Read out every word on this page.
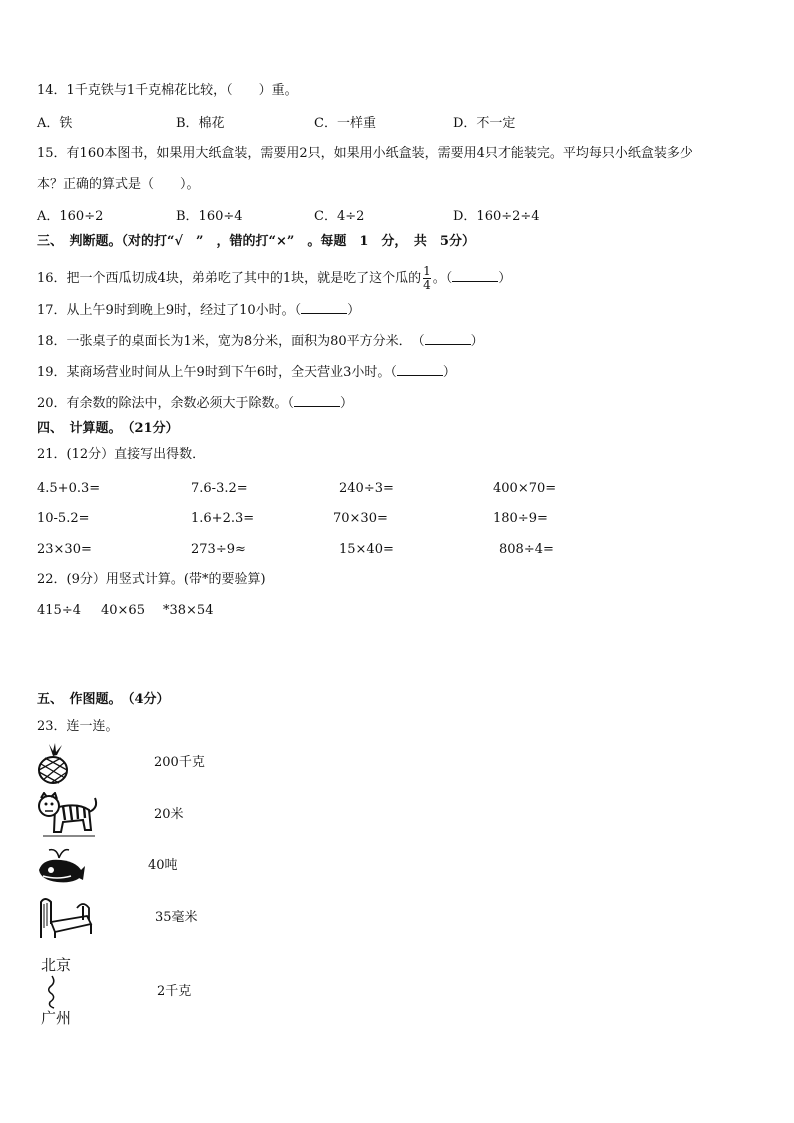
14．1千克铁与1千克棉花比较，（　　）重。
A．铁	B．棉花	C．一样重	D．不一定
15．有160本图书，如果用大纸盒装，需要用2只，如果用小纸盒装，需要用4只才能装完。平均每只小纸盒装多少
本？正确的算式是（　　）。
A．160÷2	B．160÷4	C．4÷2	D．160÷2÷4
三、　判断题。（对的打“√　”　，错的打“×”　。每题　1　分，　共　5分）
16．把一个西瓜切成4块，弟弟吃了其中的1块，就是吃了这个瓜的 $\frac{1}{4}$ 。（	）
17．从上午9时到晚上9时，经过了10小时。（	）
18．一张桌子的桌面长为1米，宽为8分米，面积为80平方分米．　（	）
19．某商场营业时间从上午9时到下午6时，全天营业3小时。（	）
20．有余数的除法中，余数必须大于除数。（	）
四、　计算题。　（21分）
21．(12分）直接写出得数．
4.5+0.3=	7.6-3.2=	240÷3=	400×70=
10-5.2=	1.6+2.3=	70×30=	180÷9=
23×30=	273÷9≈	15×40=	808÷4=
22．(9分）用竖式计算。(带*的要验算)
415÷4 40×65 *38×54
五、　作图题。　（4分）
23．连一连。
北京
广州
200千克
20米
40吨
35毫米
2千克
